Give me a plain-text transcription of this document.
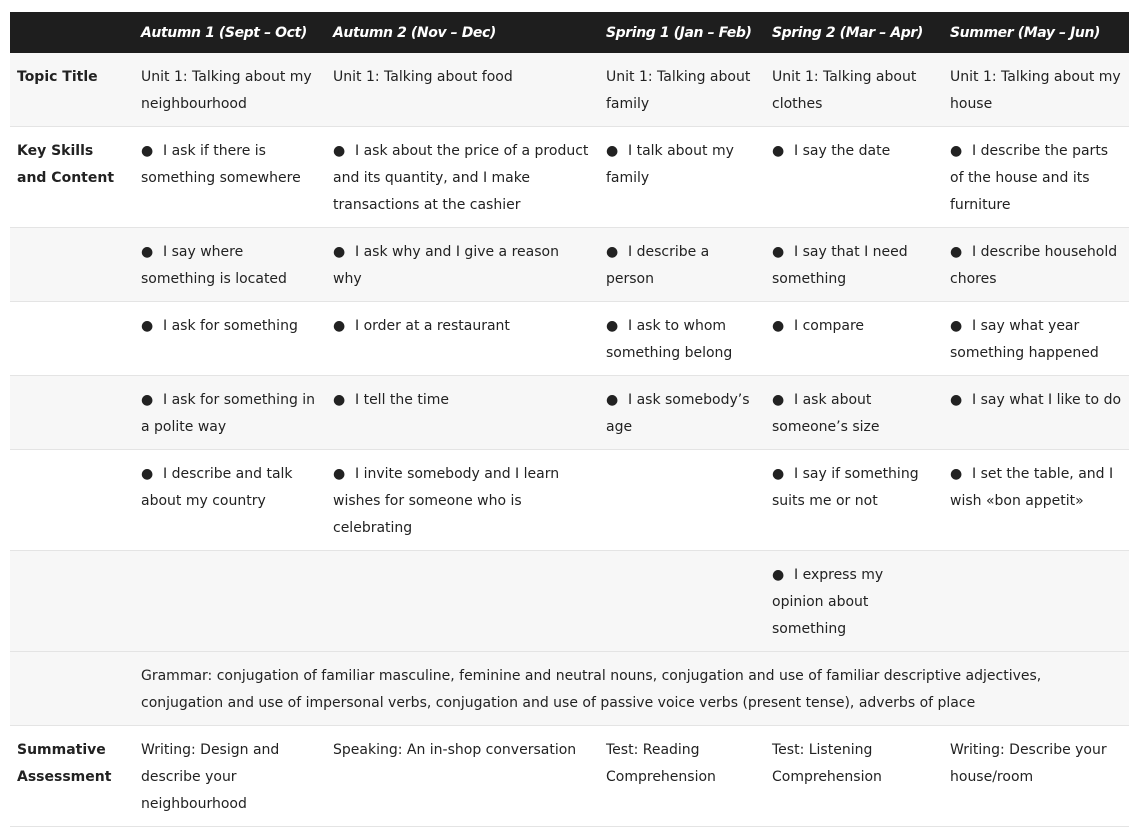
	Autumn 1 (Sept – Oct)	Autumn 2 (Nov – Dec)	Spring 1 (Jan – Feb)	Spring 2 (Mar – Apr)	Summer (May – Jun)
Topic Title	Unit 1: Talking about my neighbourhood	Unit 1: Talking about food	Unit 1: Talking about family	Unit 1: Talking about clothes	Unit 1: Talking about my house
Key Skills and Content	● I ask if there is something somewhere	● I ask about the price of a product and its quantity, and I make transactions at the cashier	● I talk about my family	● I say the date	● I describe the parts of the house and its furniture
	● I say where something is located	● I ask why and I give a reason why	● I describe a person	● I say that I need something	● I describe household chores
	● I ask for something	● I order at a restaurant	● I ask to whom something belong	● I compare	● I say what year something happened
	● I ask for something in a polite way	● I tell the time	● I ask somebody’s age	● I ask about someone’s size	● I say what I like to do
	● I describe and talk about my country	● I invite somebody and I learn wishes for someone who is celebrating		● I say if something suits me or not	● I set the table, and I wish «bon appetit»
				● I express my opinion about something	
	Grammar: conjugation of familiar masculine, feminine and neutral nouns, conjugation and use of familiar descriptive adjectives, conjugation and use of impersonal verbs, conjugation and use of passive voice verbs (present tense), adverbs of place				
Summative Assessment	Writing: Design and describe your neighbourhood	Speaking: An in-shop conversation	Test: Reading Comprehension	Test: Listening Comprehension	Writing: Describe your house/room
